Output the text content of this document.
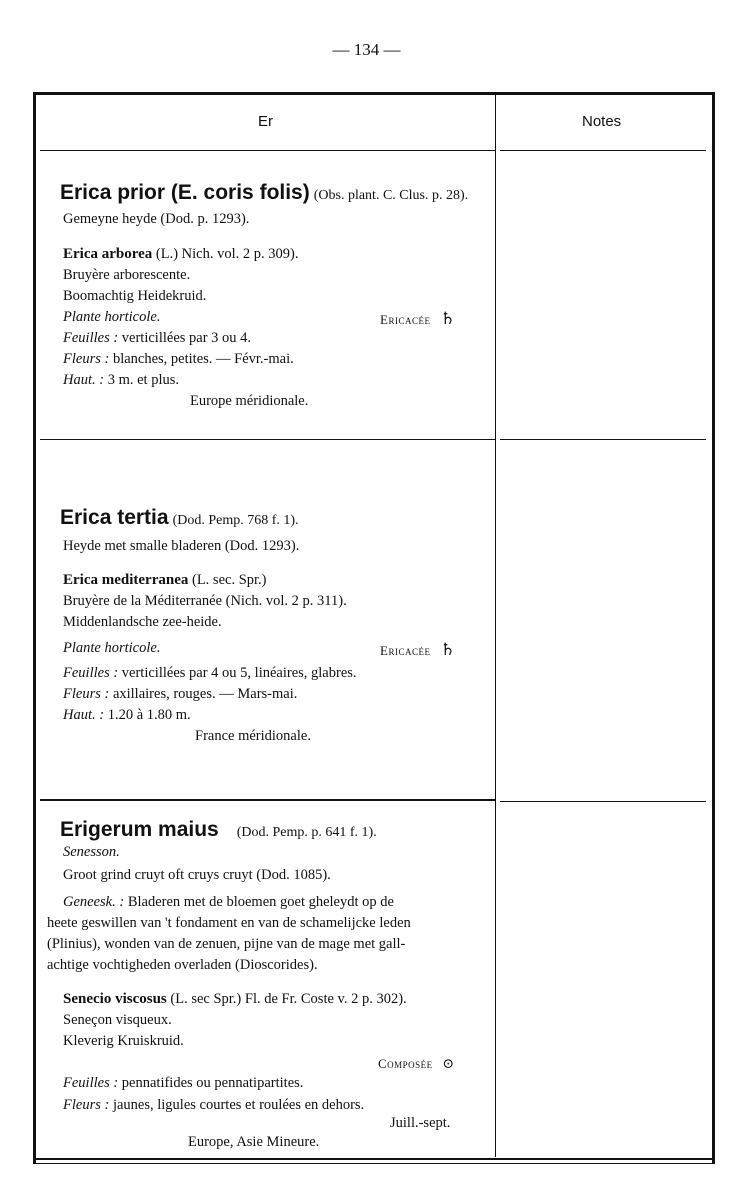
— 134 —
Er	Notes
Erica prior (E. coris folis) (Obs. plant. C. Clus. p. 28).
Gemeyne heyde (Dod. p. 1293).
Erica arborea (L.) Nich. vol. 2 p. 309).
Bruyère arborescente.
Boomachtig Heidekruid.
Plante horticole.	Ericacée ♄
Feuilles : verticillées par 3 ou 4.
Fleurs : blanches, petites. — Févr.-mai.
Haut. : 3 m. et plus.
Europe méridionale.
Erica tertia (Dod. Pemp. 768 f. 1).
Heyde met smalle bladeren (Dod. 1293).
Erica mediterranea (L. sec. Spr.)
Bruyère de la Méditerranée (Nich. vol. 2 p. 311).
Middenlandsche zee-heide.
Plante horticole.	Ericacée ♄
Feuilles : verticillées par 4 ou 5, linéaires, glabres.
Fleurs : axillaires, rouges. — Mars-mai.
Haut. : 1.20 à 1.80 m.
France méridionale.
Erigerum maius (Dod. Pemp. p. 641 f. 1).
Senesson.
Groot grind cruyt oft cruys cruyt (Dod. 1085).
Geneesk. : Bladeren met de bloemen goet gheleydt op de
heete geswillen van 't fondament en van de schamelijcke leden
(Plinius), wonden van de zenuen, pijne van de mage met gall-
achtige vochtigheden overladen (Dioscorides).
Senecio viscosus (L. sec Spr.) Fl. de Fr. Coste v. 2 p. 302).
Seneçon visqueux.
Kleverig Kruiskruid.
Composée ⊙
Feuilles : pennatifides ou pennatipartites.
Fleurs : jaunes, ligules courtes et roulées en dehors.
Juill.-sept.
Europe, Asie Mineure.
